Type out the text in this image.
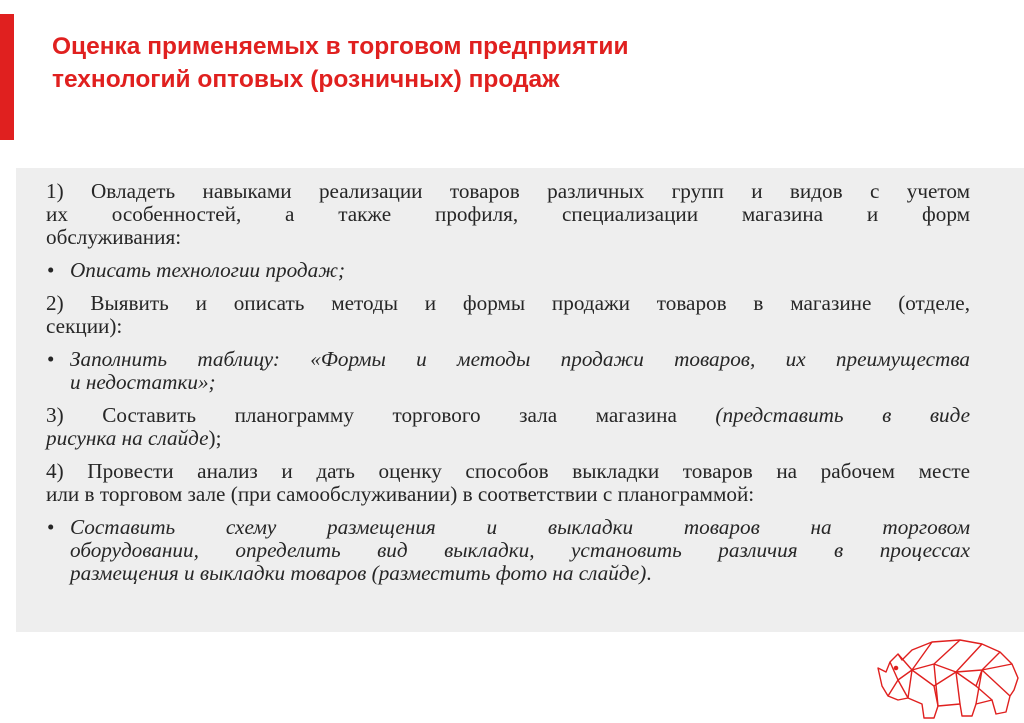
Оценка применяемых в торговом предприятии
технологий оптовых (розничных) продаж
1) Овладеть навыками реализации товаров различных групп и видов с учетом
их особенностей, а также профиля, специализации магазина и форм
обслуживания:
• Описать технологии продаж;
2) Выявить и описать методы и формы продажи товаров в магазине (отделе,
секции):
• Заполнить таблицу: «Формы и методы продажи товаров, их преимущества
и недостатки»;
3) Составить планограмму торгового зала магазина (представить в виде
рисунка на слайде);
4) Провести анализ и дать оценку способов выкладки товаров на рабочем месте
или в торговом зале (при самообслуживании) в соответствии с планограммой:
• Составить схему размещения и выкладки товаров на торговом
оборудовании, определить вид выкладки, установить различия в процессах
размещения и выкладки товаров (разместить фото на слайде).
